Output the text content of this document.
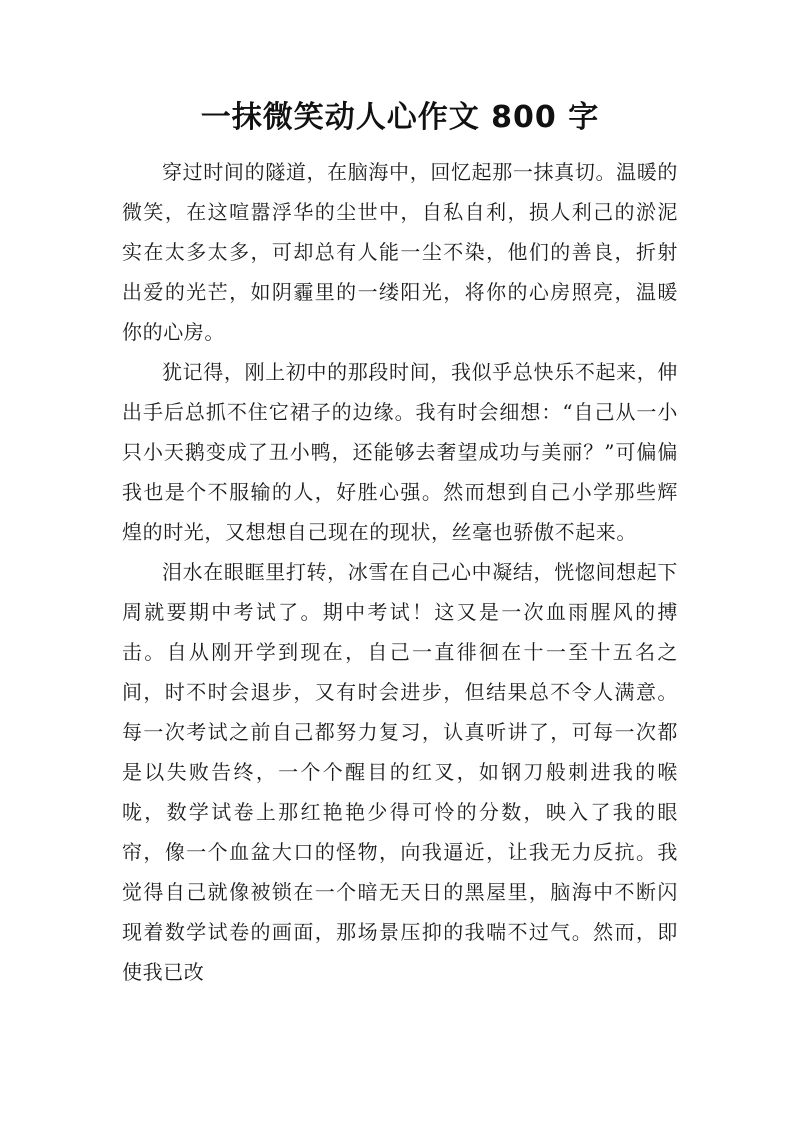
一抹微笑动人心作文 800 字

穿过时间的隧道，在脑海中，回忆起那一抹真切。温暖的微笑，在这喧嚣浮华的尘世中，自私自利，损人利己的淤泥实在太多太多，可却总有人能一尘不染，他们的善良，折射出爱的光芒，如阴霾里的一缕阳光，将你的心房照亮，温暖你的心房。

犹记得，刚上初中的那段时间，我似乎总快乐不起来，伸出手后总抓不住它裙子的边缘。我有时会细想：“自己从一小只小天鹅变成了丑小鸭，还能够去奢望成功与美丽？”可偏偏我也是个不服输的人，好胜心强。然而想到自己小学那些辉煌的时光，又想想自己现在的现状，丝毫也骄傲不起来。

泪水在眼眶里打转，冰雪在自己心中凝结，恍惚间想起下周就要期中考试了。期中考试！这又是一次血雨腥风的搏击。自从刚开学到现在，自己一直徘徊在十一至十五名之间，时不时会退步，又有时会进步，但结果总不令人满意。每一次考试之前自己都努力复习，认真听讲了，可每一次都是以失败告终，一个个醒目的红叉，如钢刀般刺进我的喉咙，数学试卷上那红艳艳少得可怜的分数，映入了我的眼帘，像一个血盆大口的怪物，向我逼近，让我无力反抗。我觉得自己就像被锁在一个暗无天日的黑屋里，脑海中不断闪现着数学试卷的画面，那场景压抑的我喘不过气。然而，即使我已改
